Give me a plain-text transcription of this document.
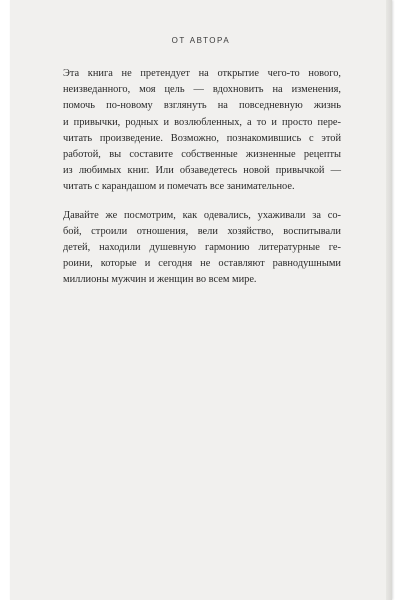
ОТ АВТОРА

Эта книга не претендует на открытие чего-то нового,
неизведанного, моя цель — вдохновить на изменения,
помочь по-новому взглянуть на повседневную жизнь
и привычки, родных и возлюбленных, а то и просто пере-
читать произведение. Возможно, познакомившись с этой
работой, вы составите собственные жизненные рецепты
из любимых книг. Или обзаведетесь новой привычкой —
читать с карандашом и помечать все занимательное.

Давайте же посмотрим, как одевались, ухаживали за со-
бой, строили отношения, вели хозяйство, воспитывали
детей, находили душевную гармонию литературные ге-
роини, которые и сегодня не оставляют равнодушными
миллионы мужчин и женщин во всем мире.
